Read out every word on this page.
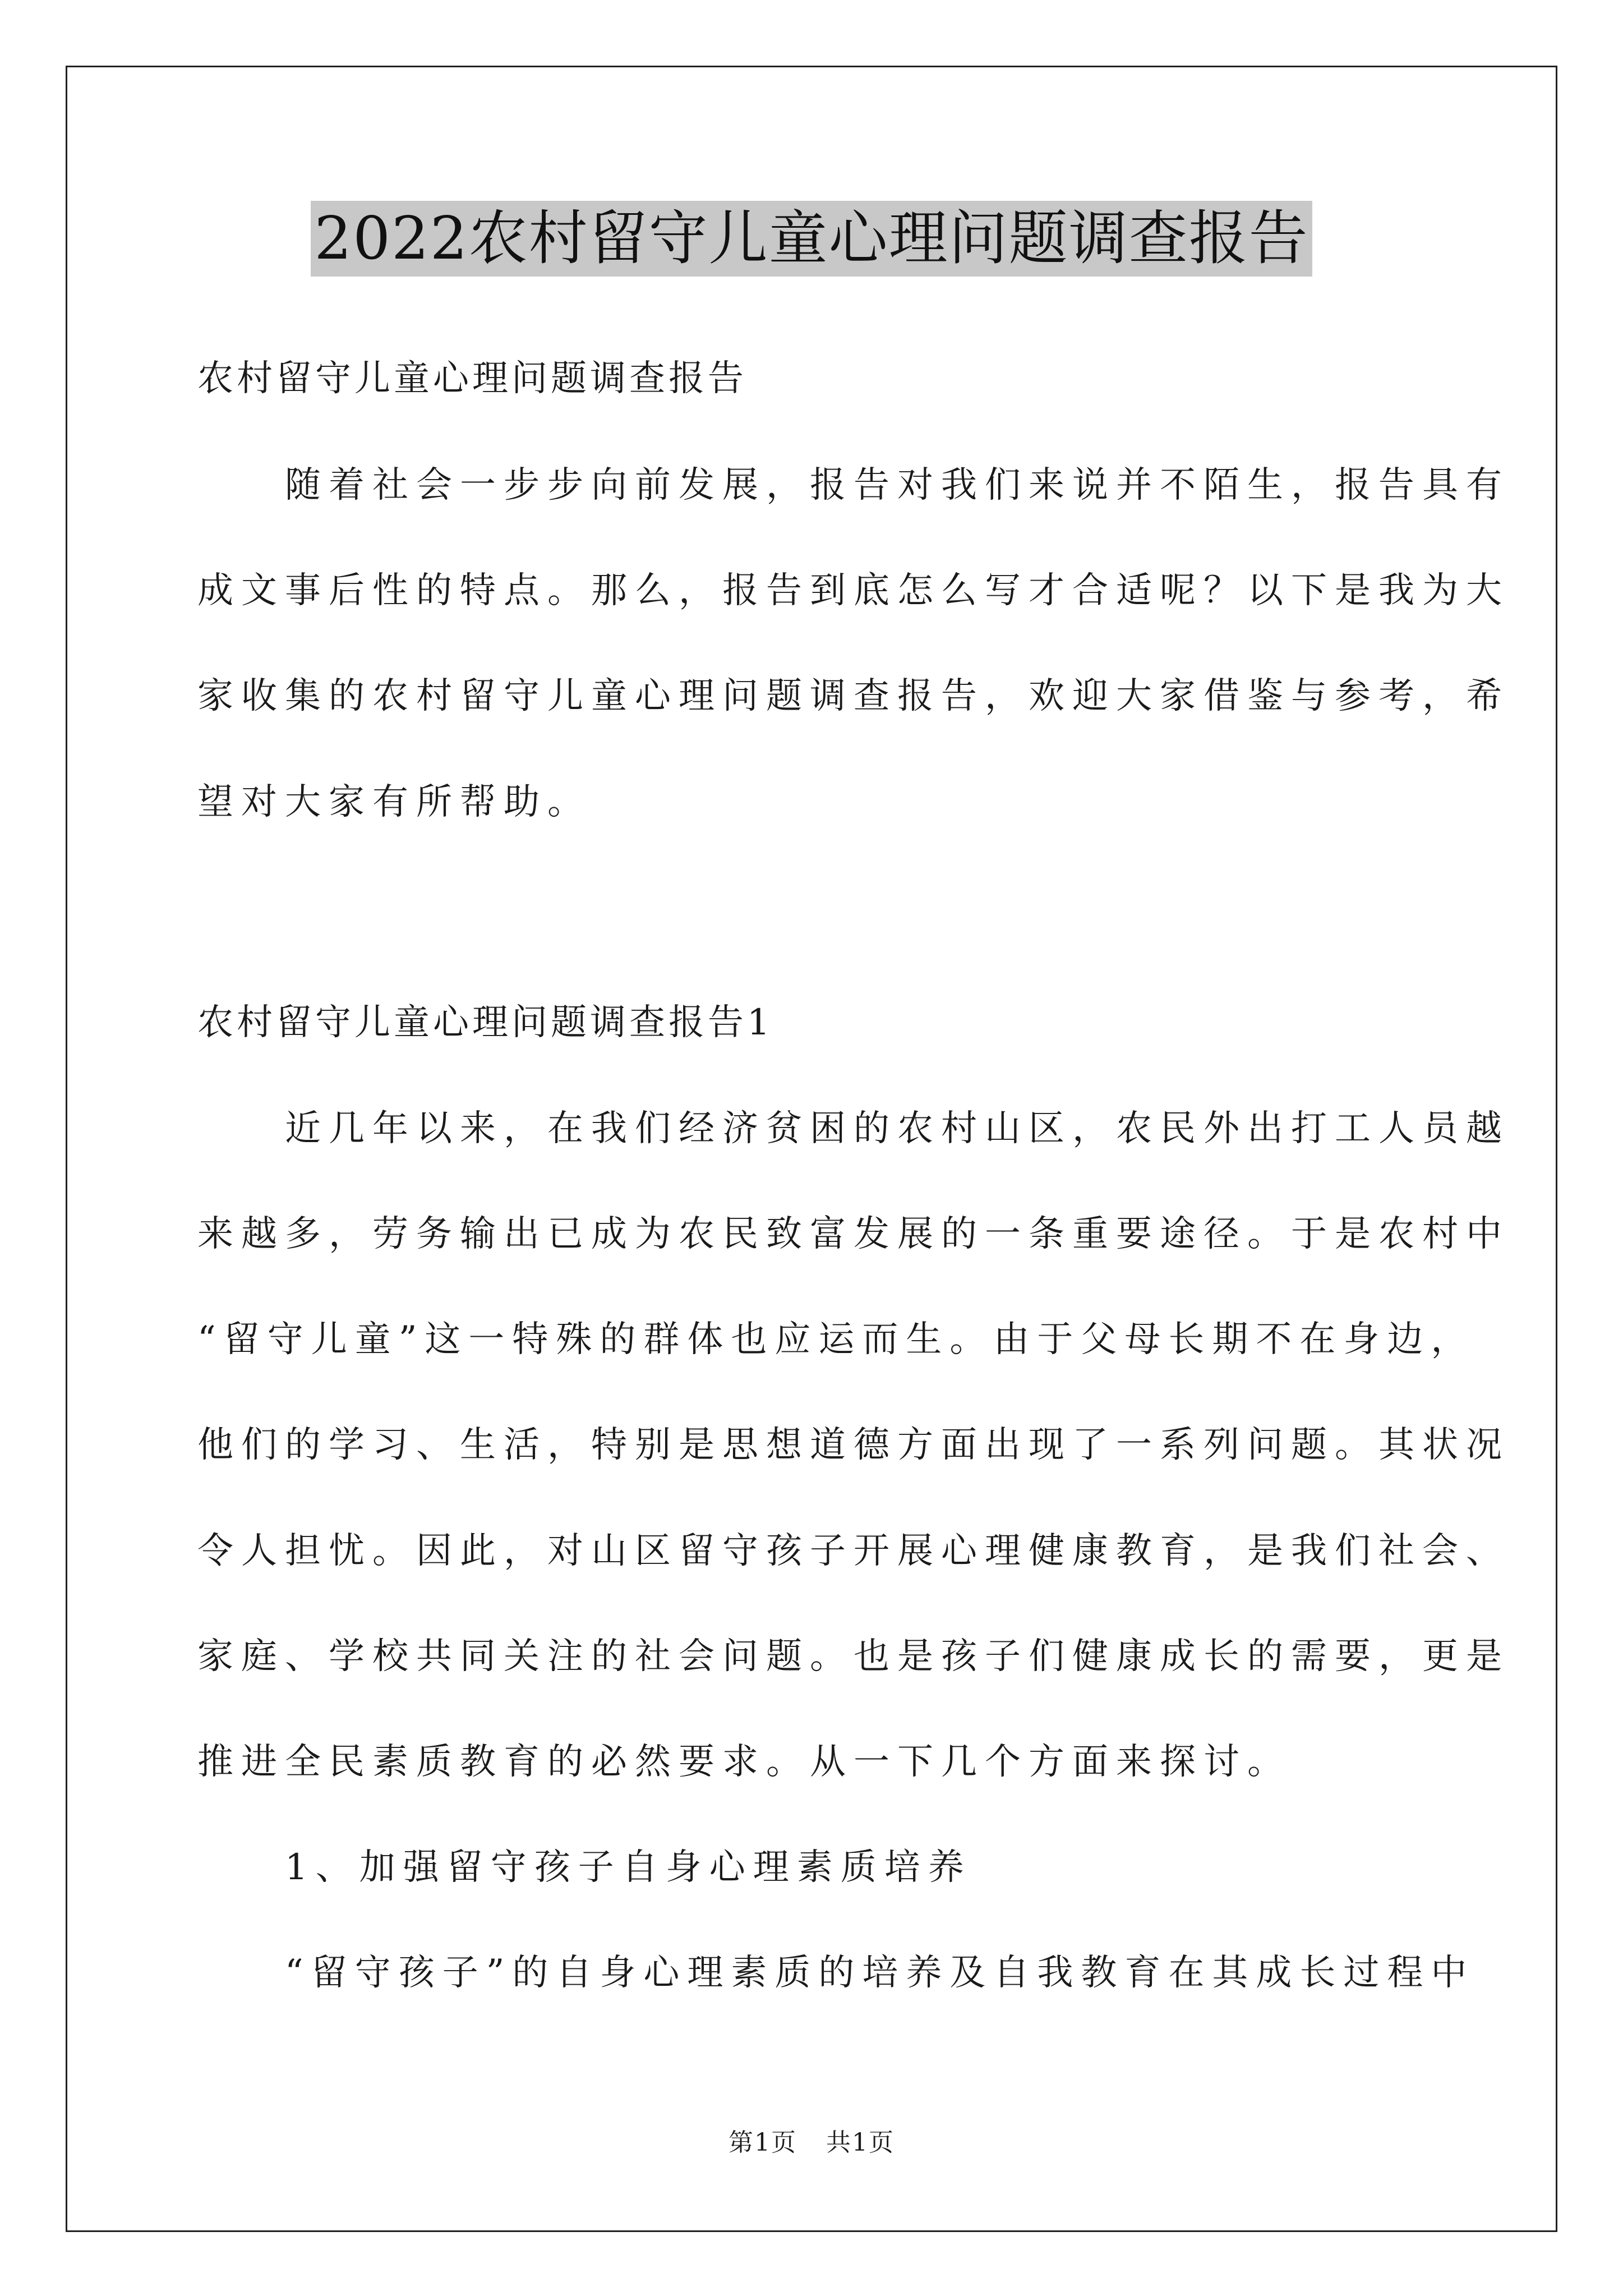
2022农村留守儿童心理问题调查报告
农村留守儿童心理问题调查报告
　　随着社会一步步向前发展，报告对我们来说并不陌生，报告具有
成文事后性的特点。那么，报告到底怎么写才合适呢？以下是我为大
家收集的农村留守儿童心理问题调查报告，欢迎大家借鉴与参考，希
望对大家有所帮助。
农村留守儿童心理问题调查报告1
　　近几年以来，在我们经济贫困的农村山区，农民外出打工人员越
来越多，劳务输出已成为农民致富发展的一条重要途径。于是农村中
“留守儿童”这一特殊的群体也应运而生。由于父母长期不在身边，
他们的学习、生活，特别是思想道德方面出现了一系列问题。其状况
令人担忧。因此，对山区留守孩子开展心理健康教育，是我们社会、
家庭、学校共同关注的社会问题。也是孩子们健康成长的需要，更是
推进全民素质教育的必然要求。从一下几个方面来探讨。
　　1、加强留守孩子自身心理素质培养
　　“留守孩子”的自身心理素质的培养及自我教育在其成长过程中
第1页 共1页
